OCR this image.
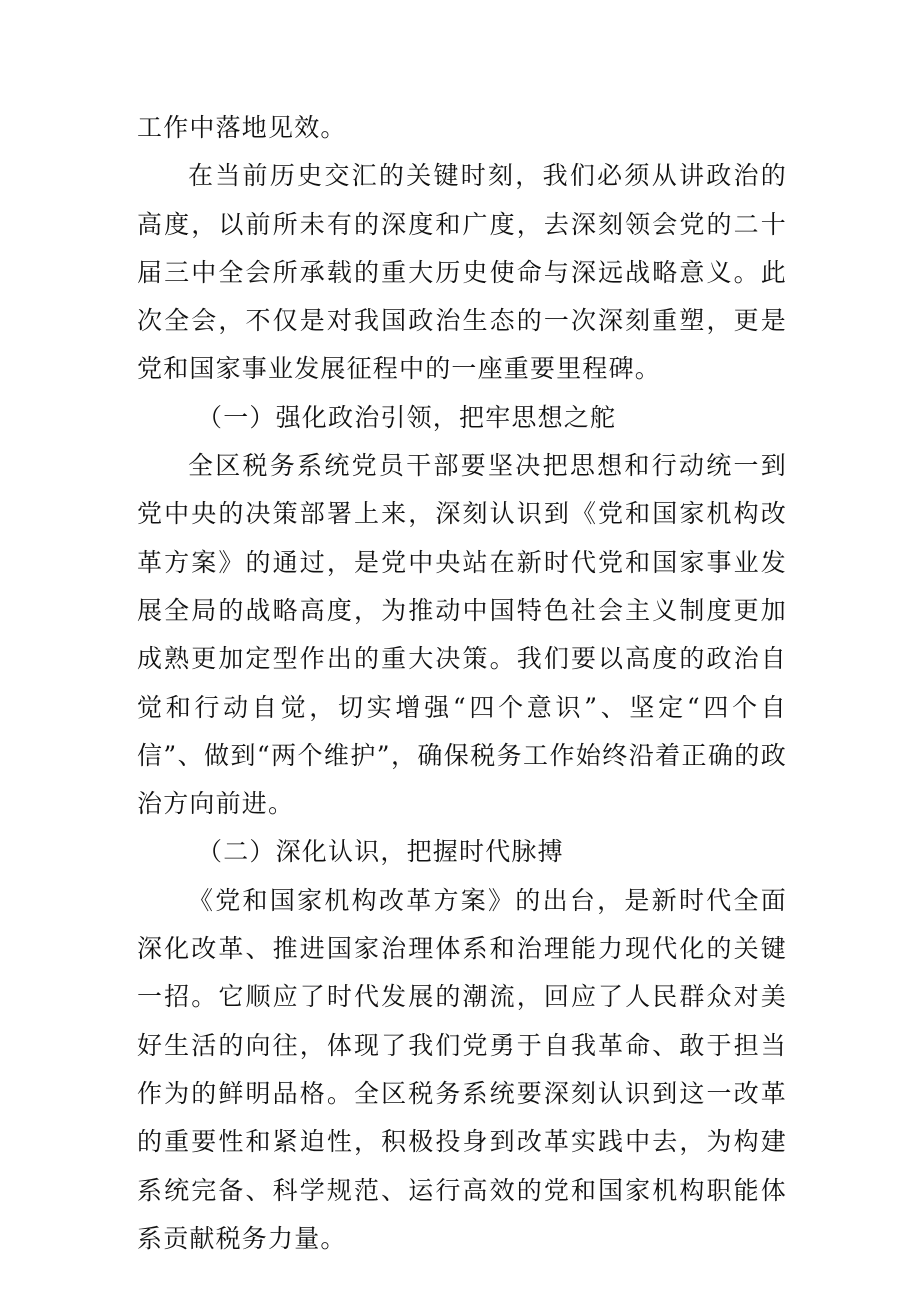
工作中落地见效。

在当前历史交汇的关键时刻，我们必须从讲政治的高度，以前所未有的深度和广度，去深刻领会党的二十届三中全会所承载的重大历史使命与深远战略意义。此次全会，不仅是对我国政治生态的一次深刻重塑，更是党和国家事业发展征程中的一座重要里程碑。

（一）强化政治引领，把牢思想之舵

全区税务系统党员干部要坚决把思想和行动统一到党中央的决策部署上来，深刻认识到《党和国家机构改革方案》的通过，是党中央站在新时代党和国家事业发展全局的战略高度，为推动中国特色社会主义制度更加成熟更加定型作出的重大决策。我们要以高度的政治自觉和行动自觉，切实增强“四个意识”、坚定“四个自信”、做到“两个维护”，确保税务工作始终沿着正确的政治方向前进。

（二）深化认识，把握时代脉搏

《党和国家机构改革方案》的出台，是新时代全面深化改革、推进国家治理体系和治理能力现代化的关键一招。它顺应了时代发展的潮流，回应了人民群众对美好生活的向往，体现了我们党勇于自我革命、敢于担当作为的鲜明品格。全区税务系统要深刻认识到这一改革的重要性和紧迫性，积极投身到改革实践中去，为构建系统完备、科学规范、运行高效的党和国家机构职能体系贡献税务力量。
